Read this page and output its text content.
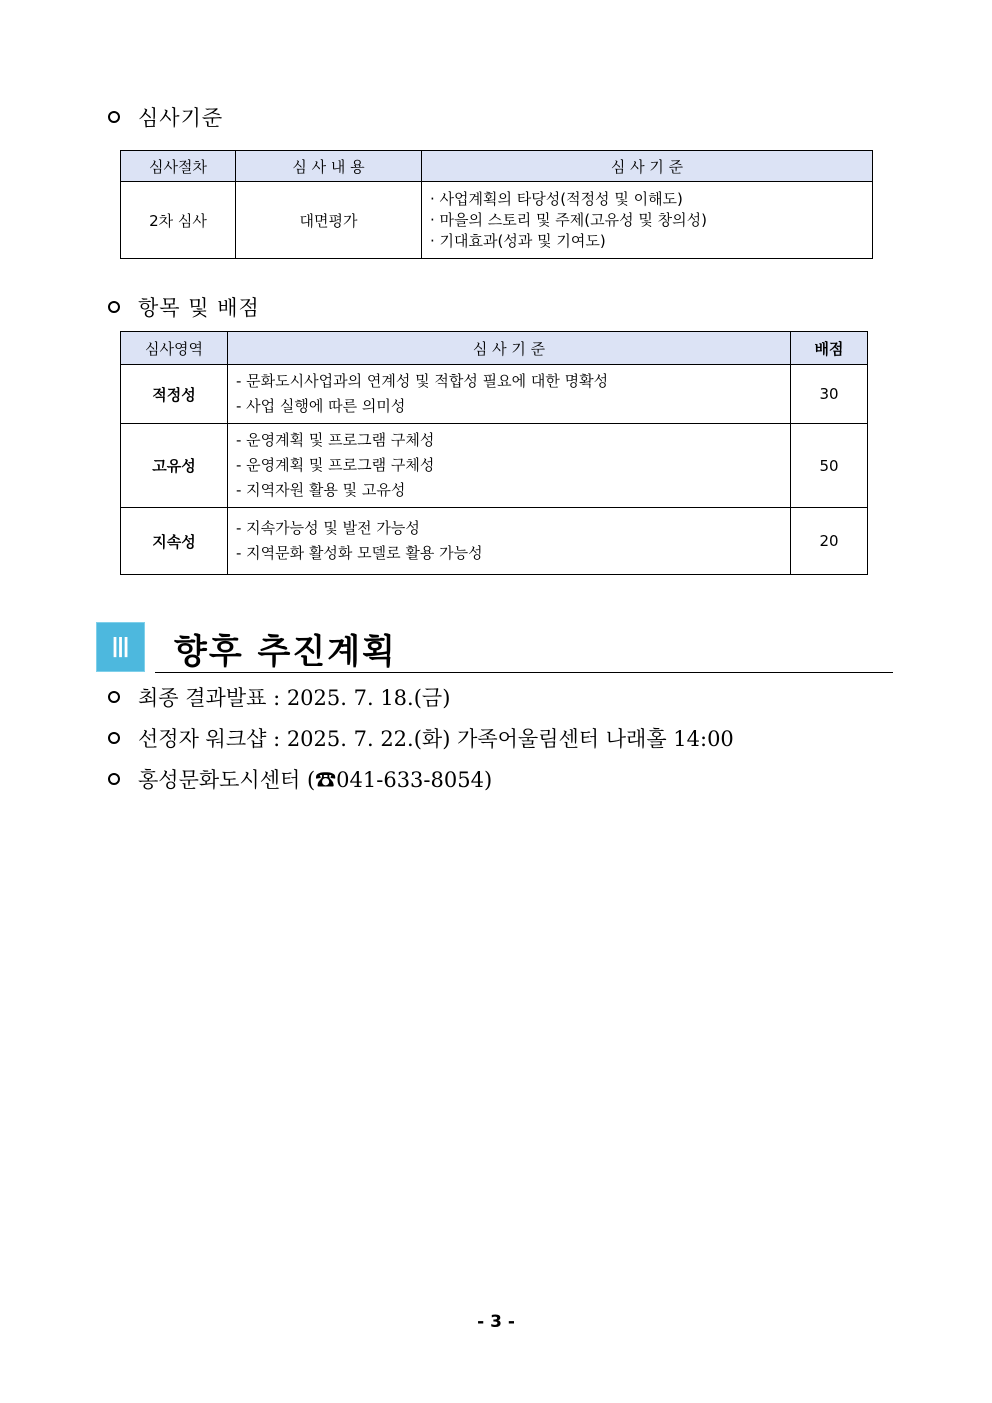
심사기준
심사절차	심 사 내 용	심 사 기 준
2차 심사	대면평가	· 사업계획의 타당성(적정성 및 이해도)
· 마을의 스토리 및 주제(고유성 및 창의성)
· 기대효과(성과 및 기여도)
항목 및 배점
심사영역	심 사 기 준	배점
적정성	- 문화도시사업과의 연계성 및 적합성 필요에 대한 명확성
- 사업 실행에 따른 의미성	30
고유성	- 운영계획 및 프로그램 구체성
- 운영계획 및 프로그램 구체성
- 지역자원 활용 및 고유성	50
지속성	- 지속가능성 및 발전 가능성
- 지역문화 활성화 모델로 활용 가능성	20
Ⅲ	향후 추진계획
최종 결과발표 : 2025. 7. 18.(금)
선정자 워크샵 : 2025. 7. 22.(화) 가족어울림센터 나래홀 14:00
홍성문화도시센터 (☎041-633-8054)
- 3 -
